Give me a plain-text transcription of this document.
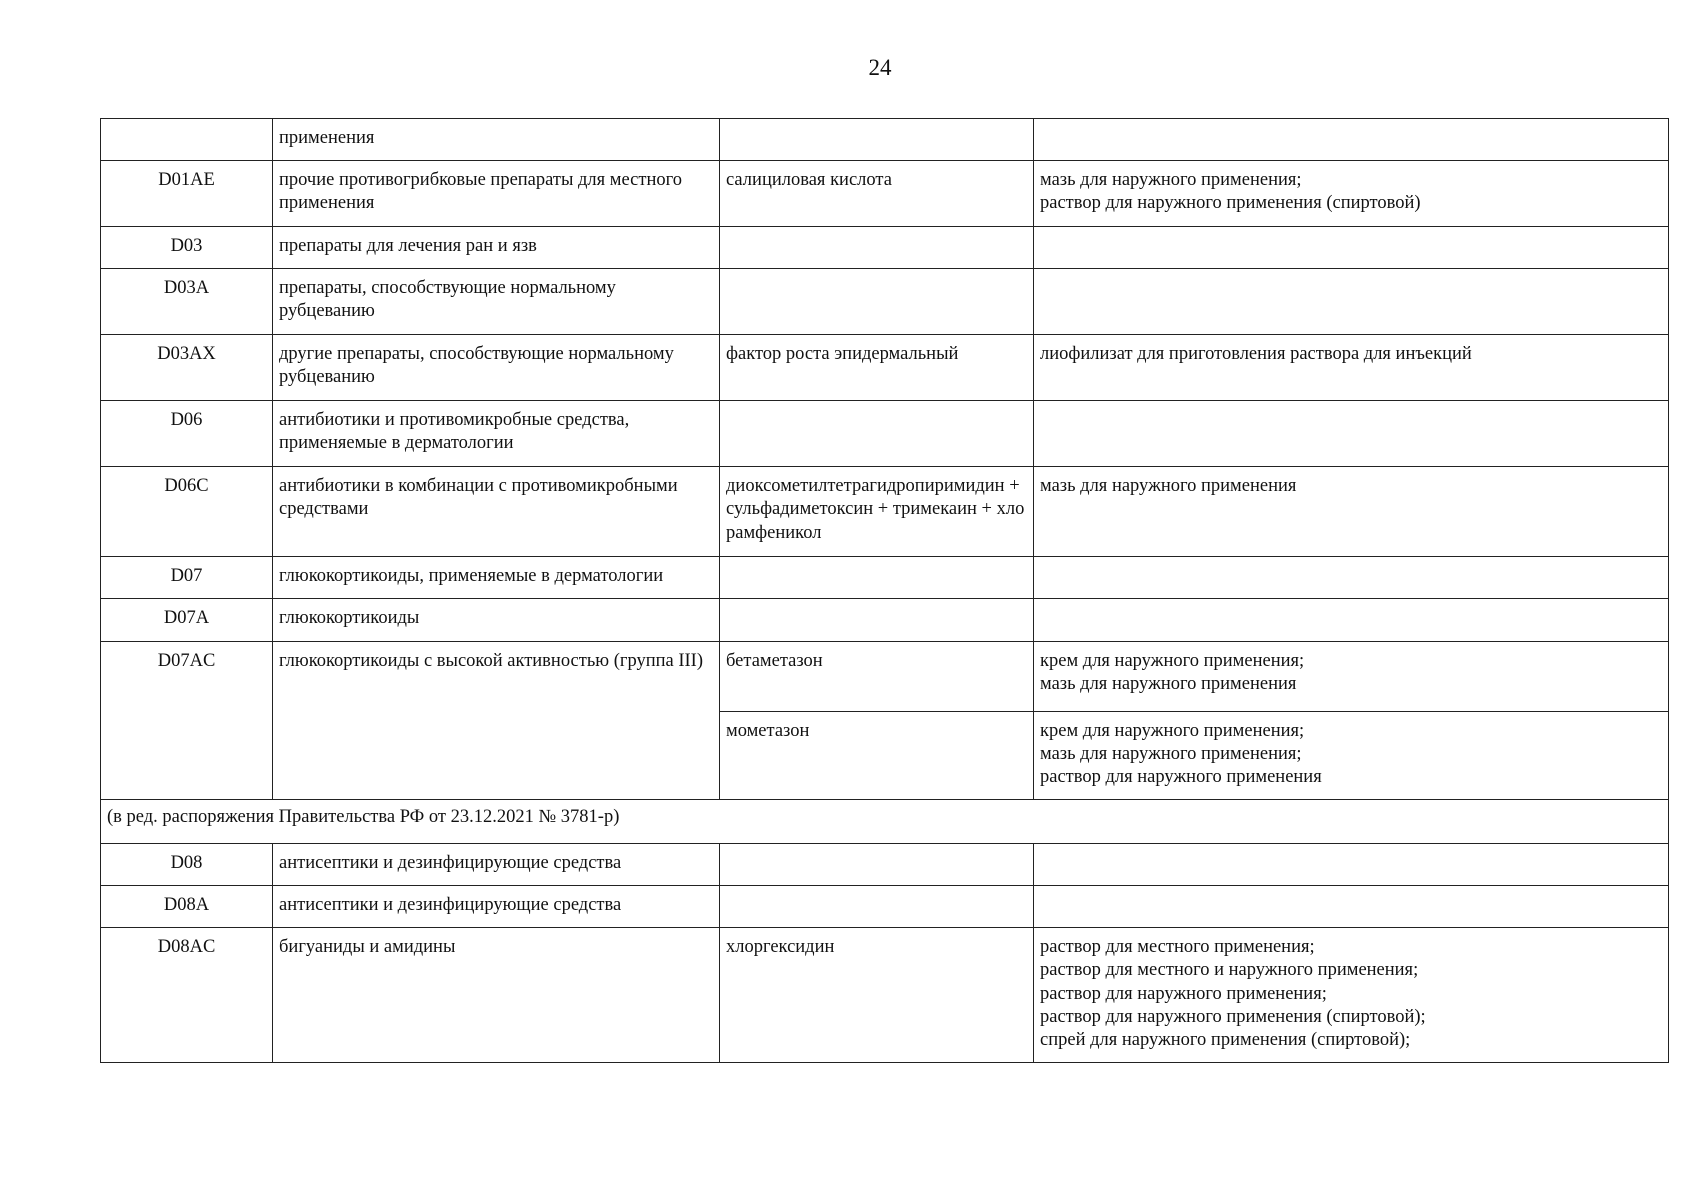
24
	применения		
D01AE	прочие противогрибковые препараты для местного применения	салициловая кислота	мазь для наружного применения;
раствор для наружного применения (спиртовой)
D03	препараты для лечения ран и язв		
D03A	препараты, способствующие нормальному рубцеванию		
D03AX	другие препараты, способствующие нормальному рубцеванию	фактор роста эпидермальный	лиофилизат для приготовления раствора для инъекций
D06	антибиотики и противомикробные средства, применяемые в дерматологии		
D06C	антибиотики в комбинации с противомикробными средствами	диоксометилтетрагидропиримидин + сульфадиметоксин + тримекаин + хлорамфеникол	мазь для наружного применения
D07	глюкокортикоиды, применяемые в дерматологии		
D07A	глюкокортикоиды		
D07AC	глюкокортикоиды с высокой активностью (группа III)	бетаметазон	крем для наружного применения;
мазь для наружного применения
		мометазон	крем для наружного применения;
мазь для наружного применения;
раствор для наружного применения
(в ред. распоряжения Правительства РФ от 23.12.2021 № 3781-р)			
D08	антисептики и дезинфицирующие средства		
D08A	антисептики и дезинфицирующие средства		
D08AC	бигуаниды и амидины	хлоргексидин	раствор для местного применения;
раствор для местного и наружного применения;
раствор для наружного применения;
раствор для наружного применения (спиртовой);
спрей для наружного применения (спиртовой);
